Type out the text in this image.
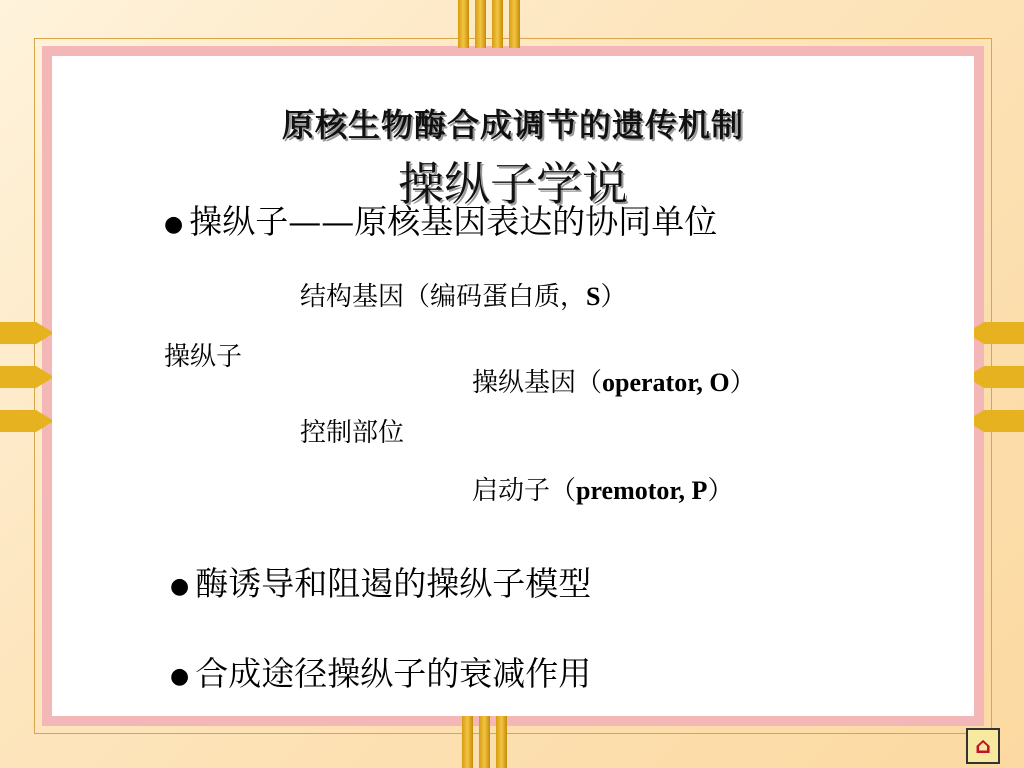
原核生物酶合成调节的遗传机制
操纵子学说
● 操纵子——原核基因表达的协同单位
结构基因（编码蛋白质，S）
操纵子
操纵基因（operator, O）
控制部位
启动子（premotor, P）
● 酶诱导和阻遏的操纵子模型
● 合成途径操纵子的衰减作用
⌂
